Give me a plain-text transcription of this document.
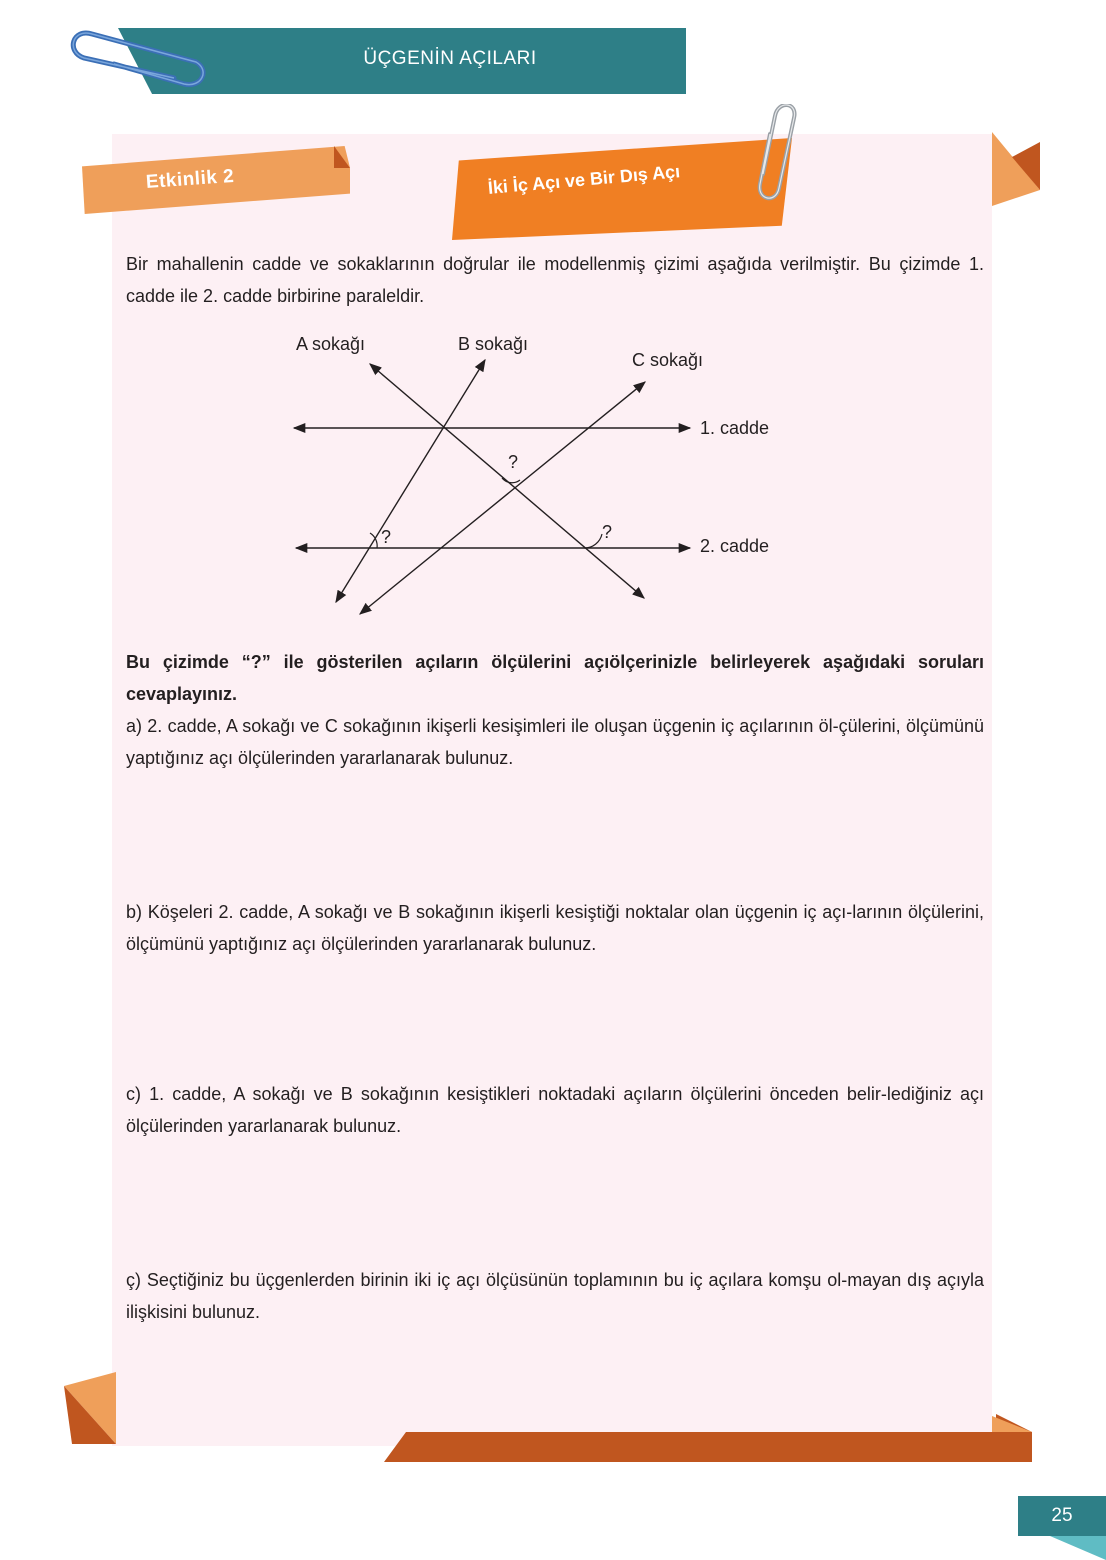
ÜÇGENİN AÇILARI
Etkinlik 2	İki İç Açı ve Bir Dış Açı
Bir mahallenin cadde ve sokaklarının doğrular ile modellenmiş çizimi aşağıda verilmiştir. Bu çizimde 1. cadde ile 2. cadde birbirine paraleldir.
A sokağı	B sokağı
C sokağı
1. cadde
2. cadde
?
?	?
Bu çizimde “?” ile gösterilen açıların ölçülerini açıölçerinizle belirleyerek aşağıdaki soruları cevaplayınız.
a) 2. cadde, A sokağı ve C sokağının ikişerli kesişimleri ile oluşan üçgenin iç açılarının öl-çülerini, ölçümünü yaptığınız açı ölçülerinden yararlanarak bulunuz.
b) Köşeleri 2. cadde, A sokağı ve B sokağının ikişerli kesiştiği noktalar olan üçgenin iç açı-larının ölçülerini, ölçümünü yaptığınız açı ölçülerinden yararlanarak bulunuz.
c) 1. cadde, A sokağı ve B sokağının kesiştikleri noktadaki açıların ölçülerini önceden belir-lediğiniz açı ölçülerinden yararlanarak bulunuz.
ç) Seçtiğiniz bu üçgenlerden birinin iki iç açı ölçüsünün toplamının bu iç açılara komşu ol-mayan dış açıyla ilişkisini bulunuz.
25
